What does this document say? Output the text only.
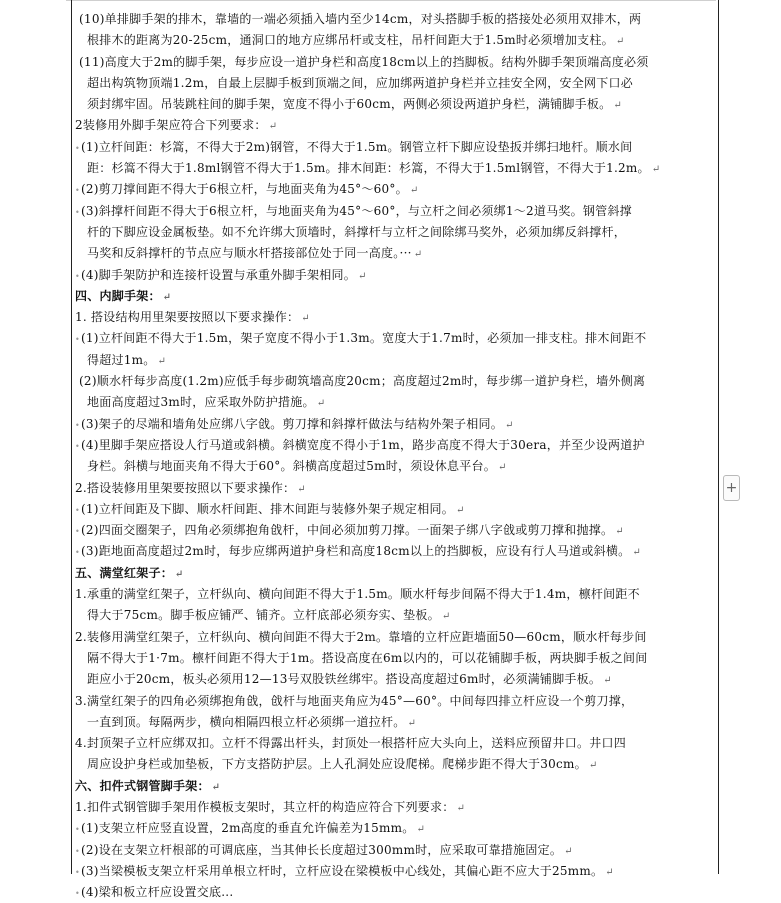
(10)单排脚手架的排木，靠墙的一端必须插入墙内至少14cm，对头搭脚手板的搭接处必须用双排木，两
根排木的距离为20-25cm，通洞口的地方应绑吊杆或支柱，吊杆间距大于1.5m时必须增加支柱。 ↵
(11)高度大于2m的脚手架，每步应设一道护身栏和高度18cm以上的挡脚板。结构外脚手架顶端高度必须
超出构筑物顶端1.2m，自最上层脚手板到顶端之间，应加绑两道护身栏并立挂安全网，安全网下口必
须封绑牢固。吊装跳柱间的脚手架，宽度不得小于60cm，两侧必须设两道护身栏，满铺脚手板。 ↵
2装修用外脚手架应符合下列要求： ↵
•(1)立杆间距：杉篙，不得大于2m)钢管，不得大于1.5m。钢管立杆下脚应设垫扳并绑扫地杆。顺水间
距：杉篙不得大于1.8ml钢管不得大于1.5m。排木间距：杉篙，不得大于1.5ml钢管，不得大于1.2m。 ↵
•(2)剪刀撑间距不得大于6根立杆，与地面夹角为45°～60°。 ↵
•(3)斜撑杆间距不得大于6根立杆，与地面夹角为45°～60°，与立杆之间必须绑1～2道马奖。钢管斜撑
杆的下脚应设金属板垫。如不允许绑大顶墙时，斜撑杆与立杆之间除绑马奖外，必须加绑反斜撑杆，
马奖和反斜撑杆的节点应与顺水杆搭接部位处于同一高度。··· ↵
•(4)脚手架防护和连接杆设置与承重外脚手架相同。 ↵
四、内脚手架： ↵
1. 搭设结构用里架要按照以下要求操作： ↵
•(1)立杆间距不得大于1.5m，架子宽度不得小于1.3m。宽度大于1.7m时，必须加一排支柱。排木间距不
得超过1m。 ↵
(2)顺水杆每步高度(1.2m)应低手每步砌筑墙高度20cm；高度超过2m时，每步绑一道护身栏，墙外侧离
地面高度超过3m时，应采取外防护措施。 ↵
•(3)架子的尽端和墙角处应绑八字戗。剪刀撑和斜撑杆做法与结构外架子相同。 ↵
•(4)里脚手架应搭设人行马道或斜横。斜横宽度不得小于1m，路步高度不得大于30era，并至少设两道护
身栏。斜横与地面夹角不得大于60°。斜横高度超过5m时，须设休息平台。 ↵
2.搭设装修用里架要按照以下要求操作： ↵
•(1)立杆间距及下脚、顺水杆间距、排木间距与装修外架子规定相同。 ↵
•(2)四面交圈架子，四角必须绑抱角戗杆，中间必须加剪刀撑。一面架子绑八字戗或剪刀撑和抛撑。 ↵
•(3)距地面高度超过2m时，每步应绑两道护身栏和高度18cm以上的挡脚板，应设有行人马道或斜横。 ↵
五、满堂红架子： ↵
1.承重的满堂红架子，立杆纵向、横向间距不得大于1.5m。顺水杆每步间隔不得大于1.4m，檩杆间距不
得大于75cm。脚手板应铺严、铺齐。立杆底部必须夯实、垫板。 ↵
2.装修用满堂红架子，立杆纵向、横向间距不得大于2m。靠墙的立杆应距墙面50—60cm，顺水杆每步间
隔不得大于1·7m。檩杆间距不得大于1m。搭设高度在6m以内的，可以花铺脚手板，两块脚手板之间间
距应小于20cm，板头必须用12—13号双股铁丝绑牢。搭设高度超过6m时，必须满铺脚手板。 ↵
3.满堂红架子的四角必须绑抱角戗，戗杆与地面夹角应为45°—60°。中间每四排立杆应设一个剪刀撑，
一直到顶。每隔两步，横向相隔四根立杆必须绑一道拉杆。 ↵
4.封顶架子立杆应绑双扣。立杆不得露出杆头，封顶处一根搭杆应大头向上，送料应预留井口。井口四
周应设护身栏或加垫板，下方支搭防护层。上人孔洞处应设爬梯。爬梯步距不得大于30cm。 ↵
六、扣件式钢管脚手架： ↵
1.扣件式钢管脚手架用作模板支架时，其立杆的构造应符合下列要求： ↵
•(1)支架立杆应竖直设置，2m高度的垂直允许偏差为15mm。 ↵
•(2)设在支架立杆根部的可调底座，当其伸长长度超过300mm时，应采取可靠措施固定。 ↵
•(3)当梁模板支架立杆采用单根立杆时，立杆应设在梁模板中心线处，其偏心距不应大于25mm。 ↵
•(4)梁和板立杆应设置交底...
+
